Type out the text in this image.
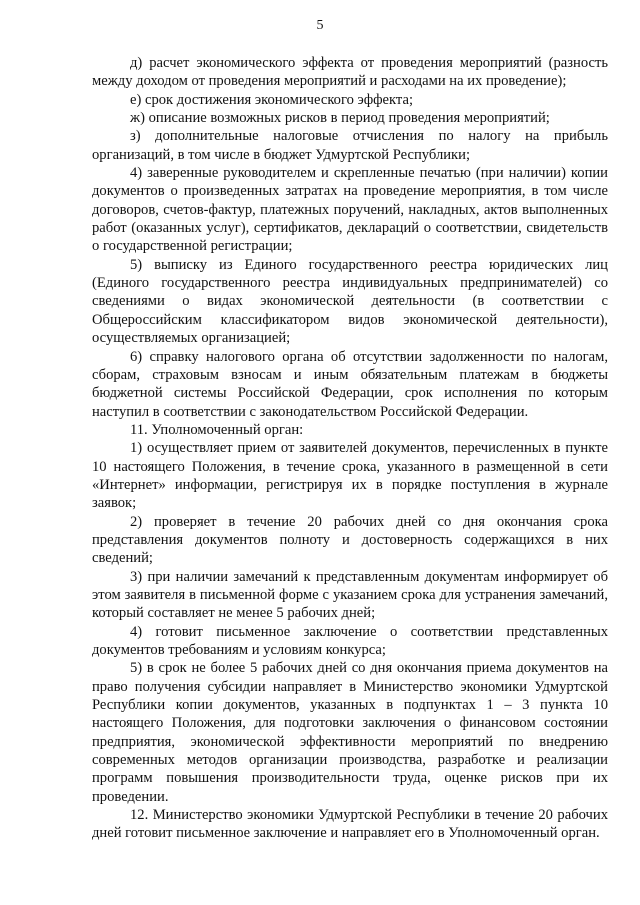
5

д) расчет экономического эффекта от проведения мероприятий (разность между доходом от проведения мероприятий и расходами на их проведение);

е) срок достижения экономического эффекта;

ж) описание возможных рисков в период проведения мероприятий;

з) дополнительные налоговые отчисления по налогу на прибыль организаций, в том числе в бюджет Удмуртской Республики;

4) заверенные руководителем и скрепленные печатью (при наличии) копии документов о произведенных затратах на проведение мероприятия, в том числе договоров, счетов-фактур, платежных поручений, накладных, актов выполненных работ (оказанных услуг), сертификатов, деклараций о соответствии, свидетельств о государственной регистрации;

5) выписку из Единого государственного реестра юридических лиц (Единого государственного реестра индивидуальных предпринимателей) со сведениями о видах экономической деятельности (в соответствии с Общероссийским классификатором видов экономической деятельности), осуществляемых организацией;

6) справку налогового органа об отсутствии задолженности по налогам, сборам, страховым взносам и иным обязательным платежам в бюджеты бюджетной системы Российской Федерации, срок исполнения по которым наступил в соответствии с законодательством Российской Федерации.

11. Уполномоченный орган:

1) осуществляет прием от заявителей документов, перечисленных в пункте 10 настоящего Положения, в течение срока, указанного в размещенной в сети «Интернет» информации, регистрируя их в порядке поступления в журнале заявок;

2) проверяет в течение 20 рабочих дней со дня окончания срока представления документов полноту и достоверность содержащихся в них сведений;

3) при наличии замечаний к представленным документам информирует об этом заявителя в письменной форме с указанием срока для устранения замечаний, который составляет не менее 5 рабочих дней;

4) готовит письменное заключение о соответствии представленных документов требованиям и условиям конкурса;

5) в срок не более 5 рабочих дней со дня окончания приема документов на право получения субсидии направляет в Министерство экономики Удмуртской Республики копии документов, указанных в подпунктах 1 – 3 пункта 10 настоящего Положения, для подготовки заключения о финансовом состоянии предприятия, экономической эффективности мероприятий по внедрению современных методов организации производства, разработке и реализации программ повышения производительности труда, оценке рисков при их проведении.

12. Министерство экономики Удмуртской Республики в течение 20 рабочих дней готовит письменное заключение и направляет его в Уполномоченный орган.
